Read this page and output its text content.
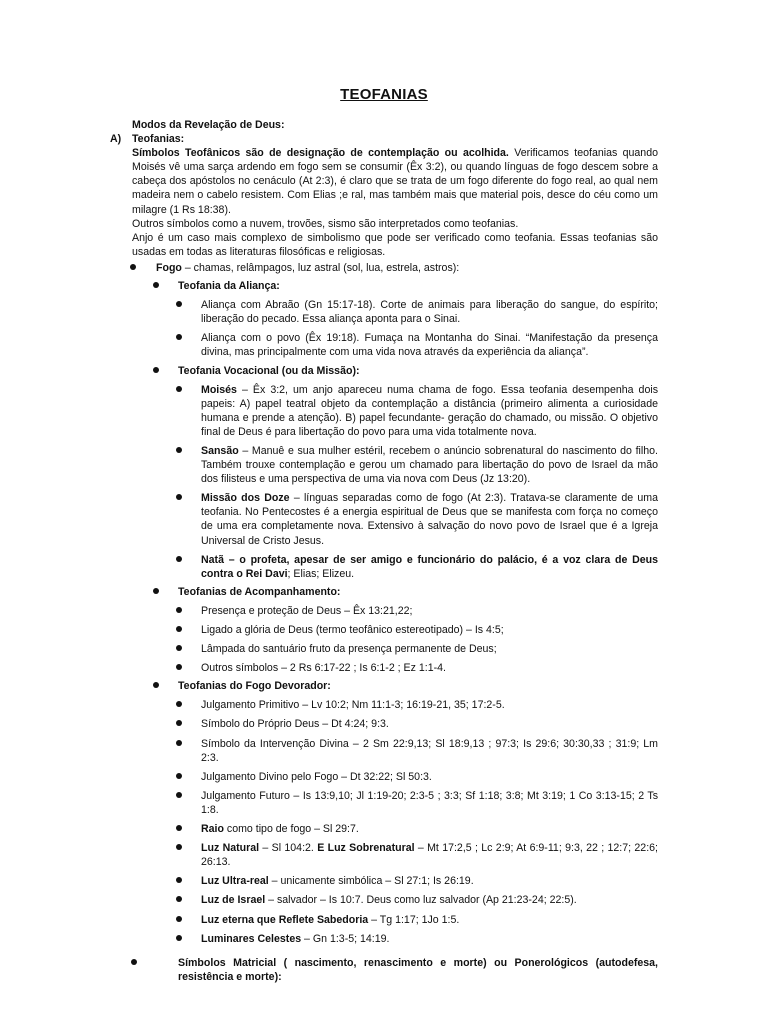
TEOFANIAS
Modos da Revelação de Deus:
A) Teofanias:
Símbolos Teofânicos são de designação de contemplação ou acolhida. Verificamos teofanias quando Moisés vê uma sarça ardendo em fogo sem se consumir (Êx 3:2), ou quando línguas de fogo descem sobre a cabeça dos apóstolos no cenáculo (At 2:3), é claro que se trata de um fogo diferente do fogo real, ao qual nem madeira nem o cabelo resistem. Com Elias ;e ral, mas também mais que material pois, desce do céu como um milagre (1 Rs 18:38).
Outros símbolos como a nuvem, trovões, sismo são interpretados como teofanias.
Anjo é um caso mais complexo de simbolismo que pode ser verificado como teofania. Essas teofanias são usadas em todas as literaturas filosóficas e religiosas.
Fogo – chamas, relâmpagos, luz astral (sol, lua, estrela, astros):
Teofania da Aliança:
Aliança com Abraão (Gn 15:17-18). Corte de animais para liberação do sangue, do espírito; liberação do pecado. Essa aliança aponta para o Sinai.
Aliança com o povo (Êx 19:18). Fumaça na Montanha do Sinai. “Manifestação da presença divina, mas principalmente com uma vida nova através da experiência da aliança”.
Teofania Vocacional (ou da Missão):
Moisés – Êx 3:2, um anjo apareceu numa chama de fogo. Essa teofania desempenha dois papeis: A) papel teatral objeto da contemplação a distância (primeiro alimenta a curiosidade humana e prende a atenção). B) papel fecundante- geração do chamado, ou missão. O objetivo final de Deus é para libertação do povo para uma vida totalmente nova.
Sansão – Manuê e sua mulher estéril, recebem o anúncio sobrenatural do nascimento do filho. Também trouxe contemplação e gerou um chamado para libertação do povo de Israel da mão dos filisteus e uma perspectiva de uma via nova com Deus (Jz 13:20).
Missão dos Doze – línguas separadas como de fogo (At 2:3). Tratava-se claramente de uma teofania. No Pentecostes é a energia espiritual de Deus que se manifesta com força no começo de uma era completamente nova. Extensivo à salvação do novo povo de Israel que é a Igreja Universal de Cristo Jesus.
Natã – o profeta, apesar de ser amigo e funcionário do palácio, é a voz clara de Deus contra o Rei Davi; Elias; Elizeu.
Teofanias de Acompanhamento:
Presença e proteção de Deus – Êx 13:21,22;
Ligado a glória de Deus (termo teofânico estereotipado) – Is 4:5;
Lâmpada do santuário fruto da presença permanente de Deus;
Outros símbolos – 2 Rs 6:17-22 ; Is 6:1-2 ; Ez 1:1-4.
Teofanias do Fogo Devorador:
Julgamento Primitivo – Lv 10:2; Nm 11:1-3; 16:19-21, 35; 17:2-5.
Símbolo do Próprio Deus – Dt 4:24; 9:3.
Símbolo da Intervenção Divina – 2 Sm 22:9,13; Sl 18:9,13 ; 97:3; Is 29:6; 30:30,33 ; 31:9; Lm 2:3.
Julgamento Divino pelo Fogo – Dt 32:22; Sl 50:3.
Julgamento Futuro – Is 13:9,10; Jl 1:19-20; 2:3-5 ; 3:3; Sf 1:18; 3:8; Mt 3:19; 1 Co 3:13-15; 2 Ts 1:8.
Raio como tipo de fogo – Sl 29:7.
Luz Natural – Sl 104:2. E Luz Sobrenatural – Mt 17:2,5 ; Lc 2:9; At 6:9-11; 9:3, 22 ; 12:7; 22:6; 26:13.
Luz Ultra-real – unicamente simbólica – Sl 27:1; Is 26:19.
Luz de Israel – salvador – Is 10:7. Deus como luz salvador (Ap 21:23-24; 22:5).
Luz eterna que Reflete Sabedoria – Tg 1:17; 1Jo 1:5.
Luminares Celestes – Gn 1:3-5; 14:19.
Símbolos Matricial ( nascimento, renascimento e morte) ou Ponerológicos (autodefesa, resistência e morte):
